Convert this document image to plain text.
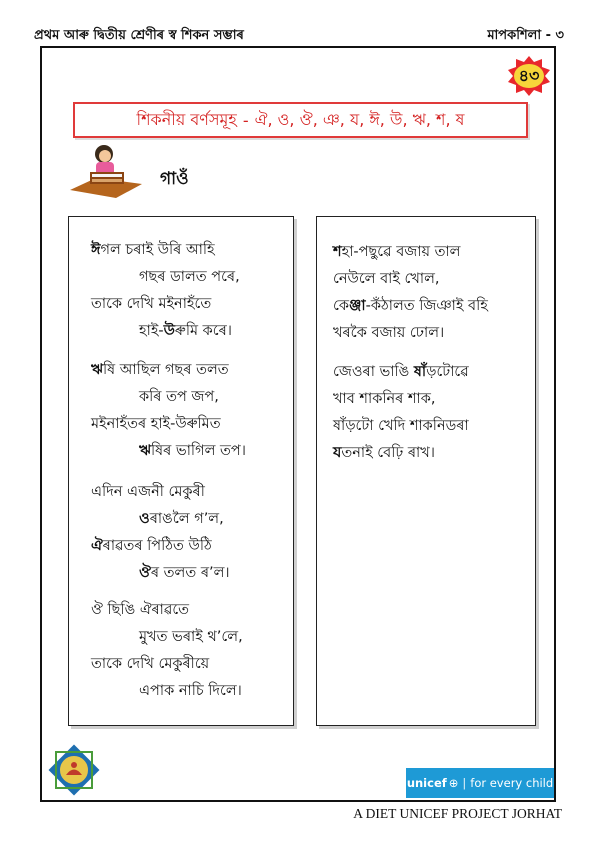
প্ৰথম আৰু দ্বিতীয় শ্ৰেণীৰ স্ব শিকন সম্ভাৰ	মাপকশিলা - ৩
৪৩
শিকনীয় বৰ্ণসমূহ - ঐ, ও, ঔ, ঞ, য, ঈ, উ, ঋ, শ, ষ
গাওঁ
ঈগল চৰাই উৰি আহি
গছৰ ডালত পৰে,
তাকে দেখি মইনাহঁতে
হাই-উৰুমি কৰে।
ঋষি আছিল গছৰ তলত
কৰি তপ জপ,
মইনাহঁতৰ হাই-উৰুমিত
ঋষিৰ ভাগিল তপ।
এদিন এজনী মেকুৰী
ওৰাঙলৈ গ’ল,
ঐৰাৱতৰ পিঠিত উঠি
ঔৰ তলত ৰ’ল।
ঔ ছিঙি ঐৰাৱতে
মুখত ভৰাই থ’লে,
তাকে দেখি মেকুৰীয়ে
এপাক নাচি দিলে।
শহা-পছুৱে বজায় তাল
নেউলে বাই খোল,
কেঞ্জা-কঁঠালত জিঞাই বহি
খৰকৈ বজায় ঢোল।
জেওৰা ভাঙি ষাঁড়টোৱে
খাব শাকনিৰ শাক,
ষাঁড়টো খেদি শাকনিডৰা
যতনাই বেঢ়ি ৰাখ।
unicef ⊕ | for every child
A DIET UNICEF PROJECT JORHAT
